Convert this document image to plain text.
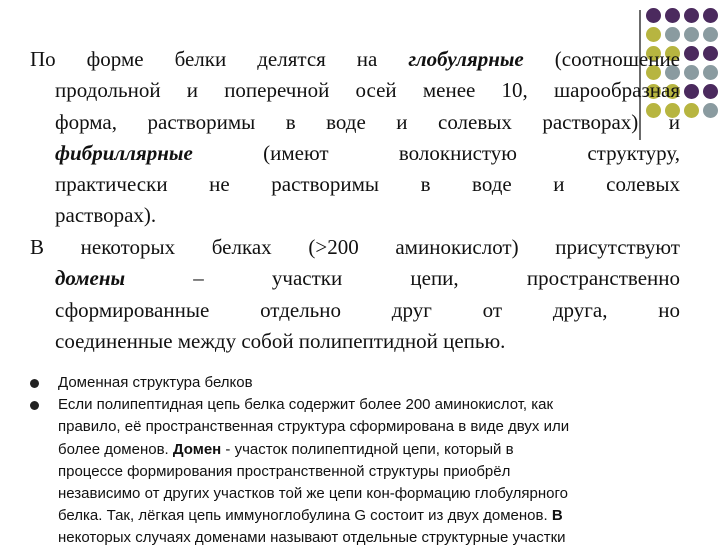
По форме белки делятся на глобулярные (соотношение
продольной и поперечной осей менее 10, шарообразная
форма, растворимы в воде и солевых растворах) и
фибриллярные	(имеют волокнистую структуру,
практически не растворимы в воде и солевых
растворах).
В некоторых белках (>200 аминокислот) присутствуют
домены	– участки цепи, пространственно
сформированные отдельно друг от друга, но
соединенные между собой полипептидной цепью.
Доменная структура белков
Если полипептидная цепь белка содержит более 200 аминокислот, как
правило, её пространственная структура сформирована в виде двух или
более доменов. Домен - участок полипептидной цепи, который в
процессе формирования пространственной структуры приобрёл
независимо от других участков той же цепи кон-формацию глобулярного
белка. Так, лёгкая цепь иммуноглобулина G состоит из двух доменов. В
некоторых случаях доменами называют отдельные структурные участки
